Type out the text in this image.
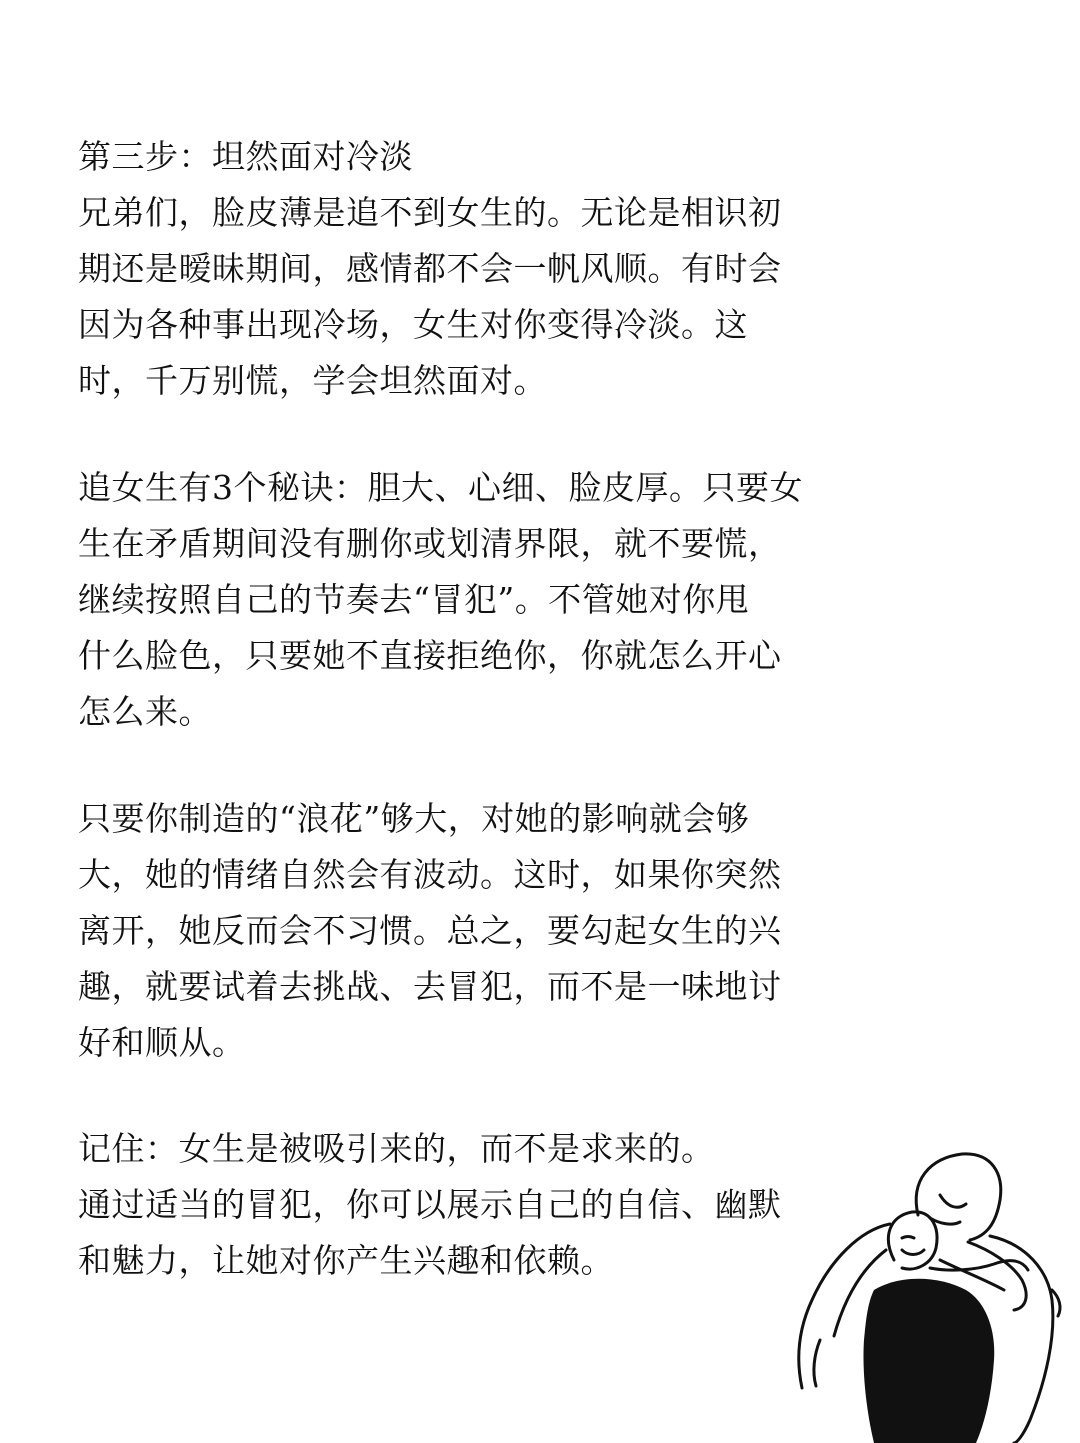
第三步：坦然面对冷淡
兄弟们，脸皮薄是追不到女生的。无论是相识初
期还是暧昧期间，感情都不会一帆风顺。有时会
因为各种事出现冷场，女生对你变得冷淡。这
时，千万别慌，学会坦然面对。
追女生有3个秘诀：胆大、心细、脸皮厚。只要女
生在矛盾期间没有删你或划清界限，就不要慌，
继续按照自己的节奏去“冒犯”。不管她对你甩
什么脸色，只要她不直接拒绝你，你就怎么开心
怎么来。
只要你制造的“浪花”够大，对她的影响就会够
大，她的情绪自然会有波动。这时，如果你突然
离开，她反而会不习惯。总之，要勾起女生的兴
趣，就要试着去挑战、去冒犯，而不是一味地讨
好和顺从。
记住：女生是被吸引来的，而不是求来的。
通过适当的冒犯，你可以展示自己的自信、幽默
和魅力，让她对你产生兴趣和依赖。
